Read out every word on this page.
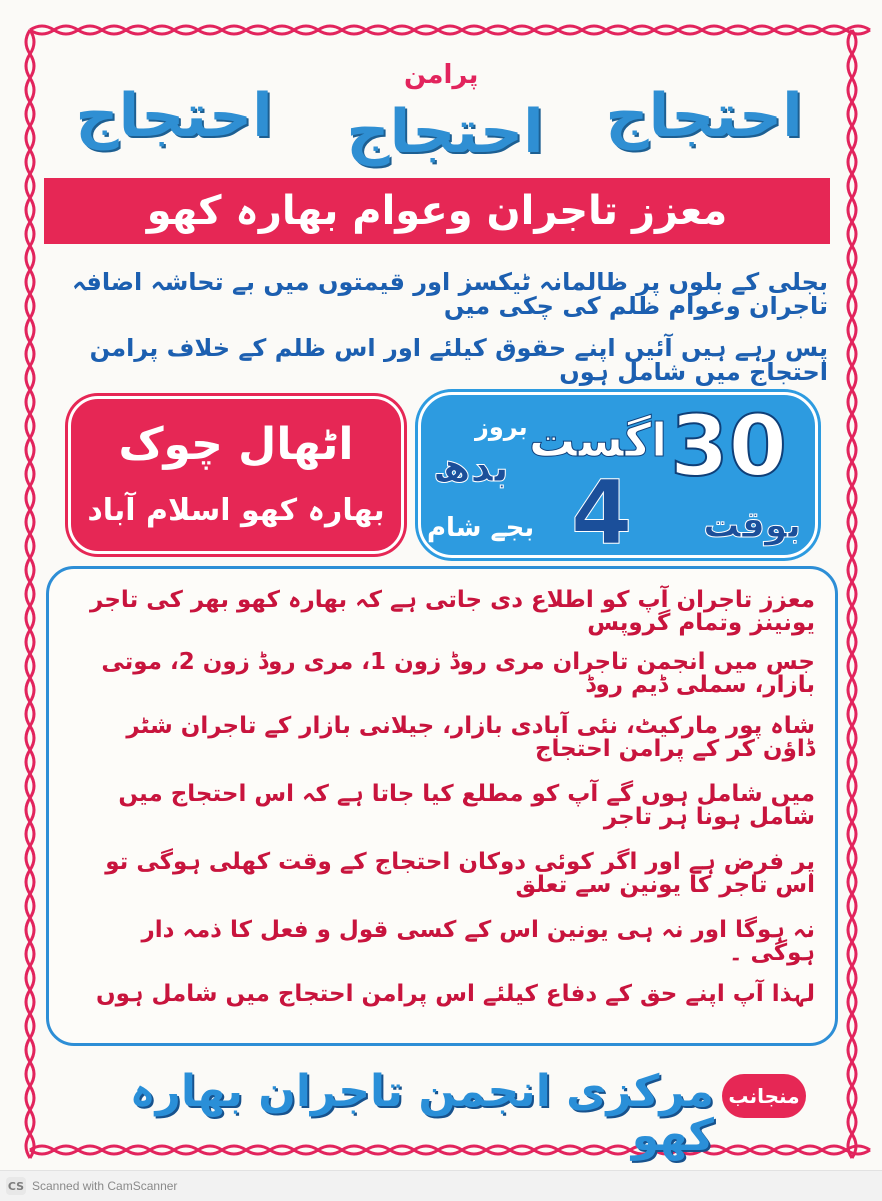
احتجاج
پرامن
احتجاج
احتجاج
معزز تاجران وعوام بھارہ کھو
بجلی کے بلوں پر ظالمانہ ٹیکسز اور قیمتوں میں بے تحاشہ اضافہ تاجران وعوام ظلم کی چکی میں
پس رہے ہیں آئیں اپنے حقوق کیلئے اور اس ظلم کے خلاف پرامن احتجاج میں شامل ہوں
اٹھال چوک
بھارہ کھو اسلام آباد
30
اگست
بروز
بدھ 4 بوقت
بجے شام
معزز تاجران آپ کو اطلاع دی جاتی ہے کہ بھارہ کھو بھر کی تاجر یونینز وتمام گروپس
جس میں انجمن تاجران مری روڈ زون 1، مری روڈ زون 2، موتی بازار، سملی ڈیم روڈ
شاہ پور مارکیٹ، نئی آبادی بازار، جیلانی بازار کے تاجران شٹر ڈاؤن کر کے پرامن احتجاج
میں شامل ہوں گے آپ کو مطلع کیا جاتا ہے کہ اس احتجاج میں شامل ہونا ہر تاجر
پر فرض ہے اور اگر کوئی دوکان احتجاج کے وقت کھلی ہوگی تو اس تاجر کا یونین سے تعلق
نہ ہوگا اور نہ ہی یونین اس کے کسی قول و فعل کا ذمہ دار ہوگی ۔
لہذا آپ اپنے حق کے دفاع کیلئے اس پرامن احتجاج میں شامل ہوں
مرکزی انجمن تاجران بھارہ کھو
منجانب
CS Scanned with CamScanner
